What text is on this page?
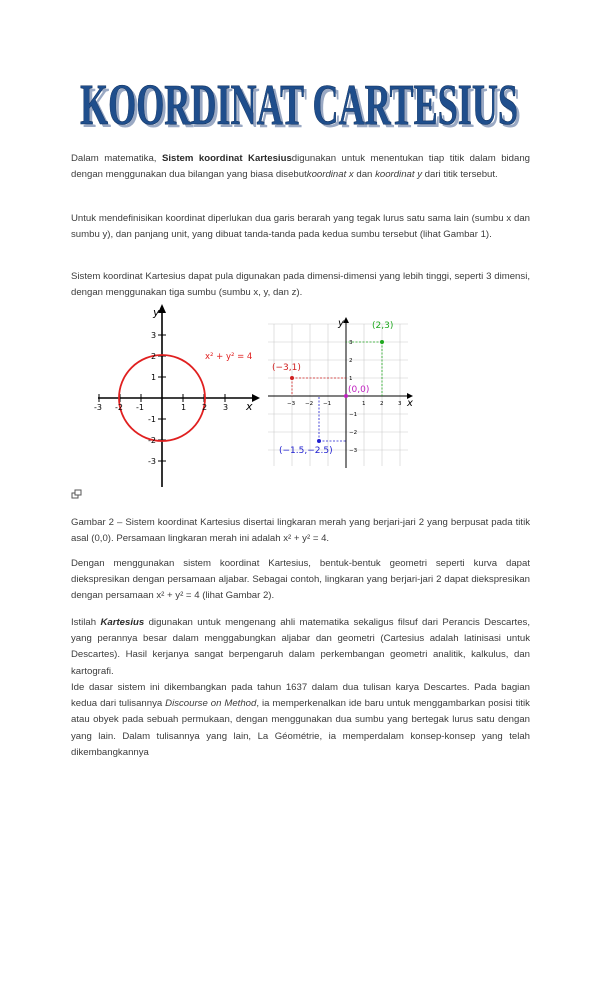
KOORDINAT CARTESIUS
KOORDINAT CARTESIUS

Dalam matematika, Sistem koordinat Kartesiusdigunakan untuk menentukan tiap titik dalam bidang dengan menggunakan dua bilangan yang biasa disebutkoordinat x dan koordinat y dari titik tersebut.

Untuk mendefinisikan koordinat diperlukan dua garis berarah yang tegak lurus satu sama lain (sumbu x dan sumbu y), dan panjang unit, yang dibuat tanda-tanda pada kedua sumbu tersebut (lihat Gambar 1).

Sistem koordinat Kartesius dapat pula digunakan pada dimensi-dimensi yang lebih tinggi, seperti 3 dimensi, dengan menggunakan tiga sumbu (sumbu x, y, dan z).

y
x
x² + y² = 4
-3 -2 -1	1 2 3
3
2
1
-1
-2
-3
y
x
−3 −2 −1	1	2	3
3
2
1
−1
−2
−3
(2,3)
(−3,1)
(0,0)
(−1.5,−2.5)

Gambar 2 – Sistem koordinat Kartesius disertai lingkaran merah yang berjari-jari 2 yang berpusat pada titik asal (0,0). Persamaan lingkaran merah ini adalah x² + y² = 4.

Dengan menggunakan sistem koordinat Kartesius, bentuk-bentuk geometri seperti kurva dapat diekspresikan dengan persamaan aljabar. Sebagai contoh, lingkaran yang berjari-jari 2 dapat diekspresikan dengan persamaan x² + y² = 4 (lihat Gambar 2).

Istilah Kartesius digunakan untuk mengenang ahli matematika sekaligus filsuf dari Perancis Descartes, yang perannya besar dalam menggabungkan aljabar dan geometri (Cartesius adalah latinisasi untuk Descartes). Hasil kerjanya sangat berpengaruh dalam perkembangan geometri analitik, kalkulus, dan kartografi.

Ide dasar sistem ini dikembangkan pada tahun 1637 dalam dua tulisan karya Descartes. Pada bagian kedua dari tulisannya Discourse on Method, ia memperkenalkan ide baru untuk menggambarkan posisi titik atau obyek pada sebuah permukaan, dengan menggunakan dua sumbu yang bertegak lurus satu dengan yang lain. Dalam tulisannya yang lain, La Géométrie, ia memperdalam konsep-konsep yang telah dikembangkannya
